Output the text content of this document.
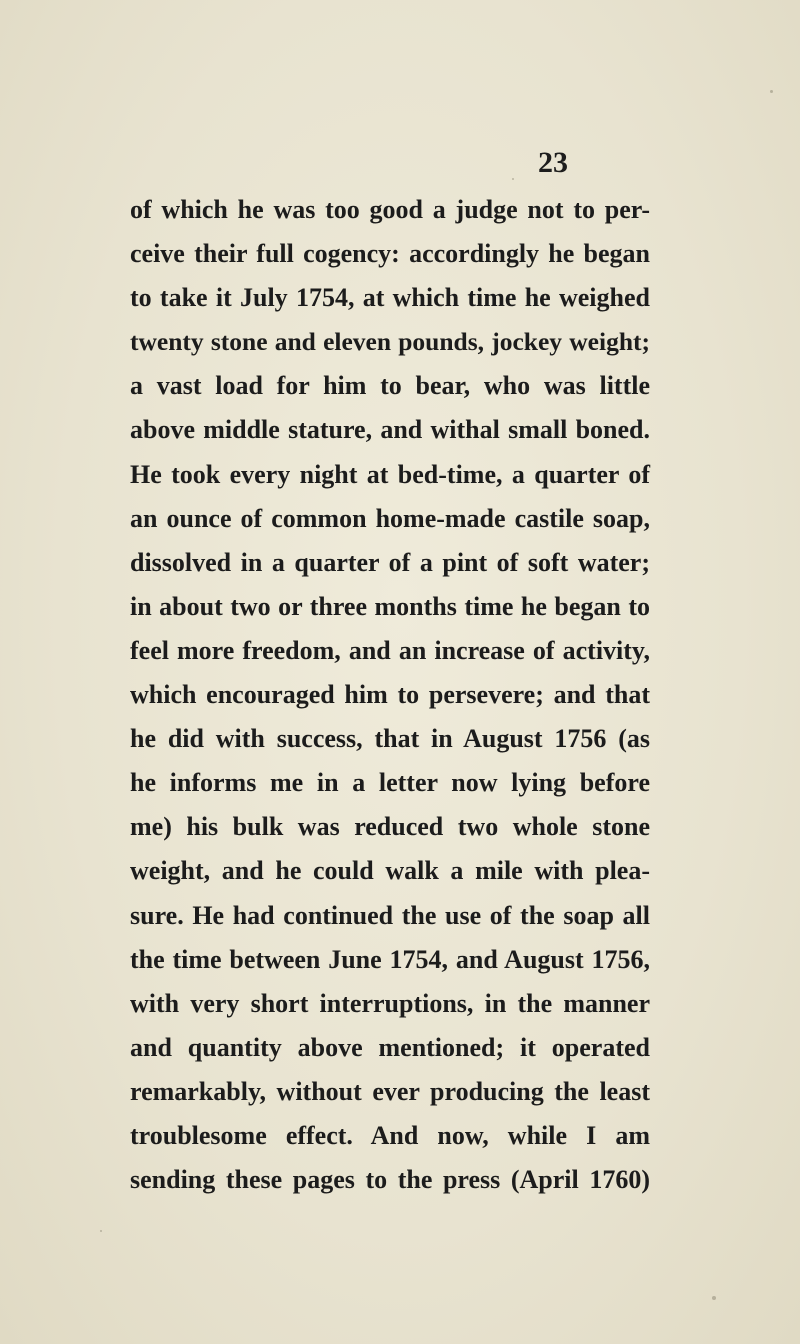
23
of which he was too good a judge not to per-
ceive their full cogency: accordingly he began
to take it July 1754, at which time he weighed
twenty stone and eleven pounds, jockey weight;
a vast load for him to bear, who was little
above middle stature, and withal small boned.
He took every night at bed-time, a quarter of
an ounce of common home-made castile soap,
dissolved in a quarter of a pint of soft water;
in about two or three months time he began to
feel more freedom, and an increase of activity,
which encouraged him to persevere; and that
he did with success, that in August 1756 (as
he informs me in a letter now lying before
me) his bulk was reduced two whole stone
weight, and he could walk a mile with plea-
sure. He had continued the use of the soap all
the time between June 1754, and August 1756,
with very short interruptions, in the manner
and quantity above mentioned; it operated
remarkably, without ever producing the least
troublesome effect. And now, while I am
sending these pages to the press (April 1760)
